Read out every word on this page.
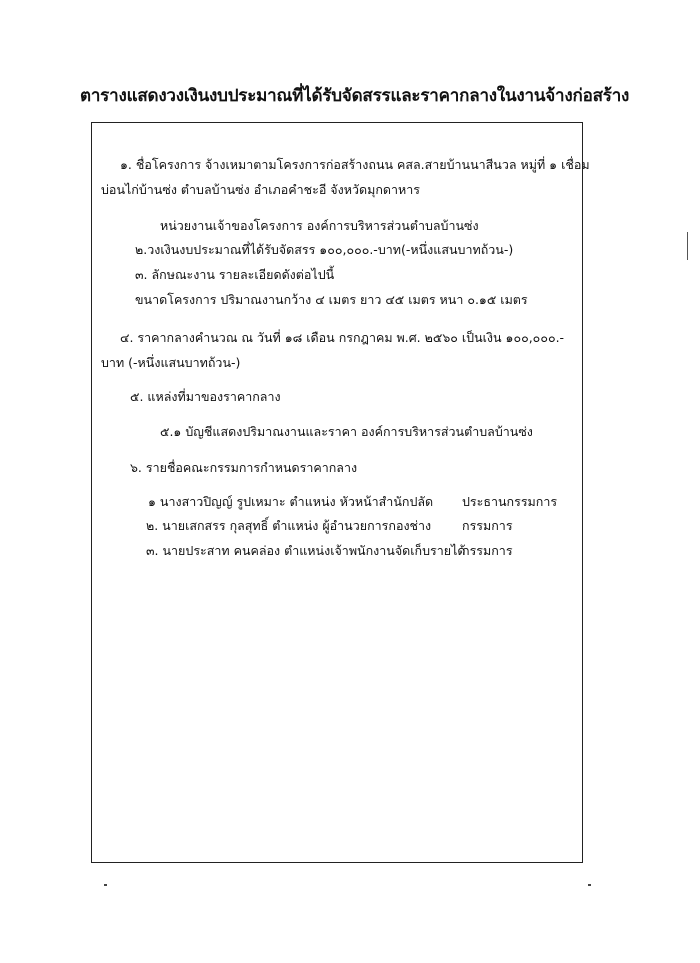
ตารางแสดงวงเงินงบประมาณที่ได้รับจัดสรรและราคากลางในงานจ้างก่อสร้าง
๑. ชื่อโครงการ จ้างเหมาตามโครงการก่อสร้างถนน คสล.สายบ้านนาสีนวล หมู่ที่ ๑ เชื่อม
บ่อนไก่บ้านซ่ง ตำบลบ้านซ่ง อำเภอคำชะอี จังหวัดมุกดาหาร
หน่วยงานเจ้าของโครงการ องค์การบริหารส่วนตำบลบ้านซ่ง
๒.วงเงินงบประมาณที่ได้รับจัดสรร ๑๐๐,๐๐๐.-บาท(-หนึ่งแสนบาทถ้วน-)
๓. ลักษณะงาน รายละเอียดดังต่อไปนี้
ขนาดโครงการ ปริมาณงานกว้าง ๔ เมตร ยาว ๔๕ เมตร หนา ๐.๑๕ เมตร
๔. ราคากลางคำนวณ ณ วันที่ ๑๘ เดือน กรกฎาคม พ.ศ. ๒๕๖๐ เป็นเงิน ๑๐๐,๐๐๐.-
บาท (-หนึ่งแสนบาทถ้วน-)
๕. แหล่งที่มาของราคากลาง
๕.๑ บัญชีแสดงปริมาณงานและราคา องค์การบริหารส่วนตำบลบ้านซ่ง
๖. รายชื่อคณะกรรมการกำหนดราคากลาง
๑ นางสาวปิญญ์ รูปเหมาะ ตำแหน่ง หัวหน้าสำนักปลัด ประธานกรรมการ
๒. นายเสกสรร กุลสุทธิ์ ตำแหน่ง ผู้อำนวยการกองช่าง กรรมการ
๓. นายประสาท คนคล่อง ตำแหน่งเจ้าพนักงานจัดเก็บรายได้
กรรมการ
